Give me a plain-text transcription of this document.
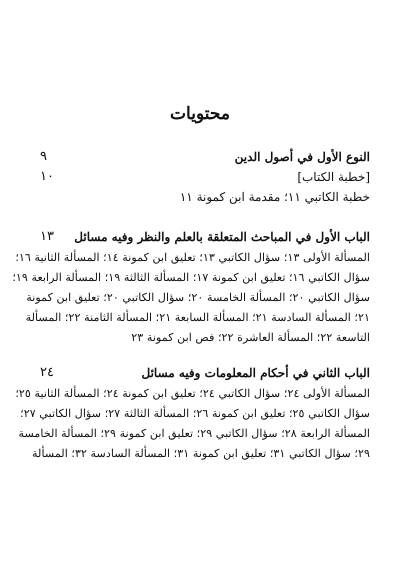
محتويات
النوع الأول في أصول الدين
٩
[خطبة الكتاب]
١٠
خطبة الكاتبي ١١؛ مقدمة ابن كمونة ١١
الباب الأول في المباحث المتعلقة بالعلم والنظر وفيه مسائل
١٣
المسألة الأولى ١٣؛ سؤال الكاتبي ١٣؛ تعليق ابن كمونة ١٤؛ المسألة الثانية ١٦؛
سؤال الكاتبي ١٦؛ تعليق ابن كمونة ١٧؛ المسألة الثالثة ١٩؛ المسألة الرابعة ١٩؛
سؤال الكاتبي ٢٠؛ المسألة الخامسة ٢٠؛ سؤال الكاتبي ٢٠؛ تعليق ابن كمونة
٢١؛ المسألة السادسة ٢١؛ المسألة السابعة ٢١؛ المسألة الثامنة ٢٢؛ المسألة
التاسعة ٢٢؛ المسألة العاشرة ٢٢؛ فص ابن كمونة ٢٣
الباب الثاني في أحكام المعلومات وفيه مسائل
٢٤
المسألة الأولى ٢٤؛ سؤال الكاتبي ٢٤؛ تعليق ابن كمونة ٢٤؛ المسألة الثانية ٢٥؛
سؤال الكاتبي ٢٥؛ تعليق ابن كمونة ٢٦؛ المسألة الثالثة ٢٧؛ سؤال الكاتبي ٢٧؛
المسألة الرابعة ٢٨؛ سؤال الكاتبي ٢٩؛ تعليق ابن كمونة ٢٩؛ المسألة الخامسة
٢٩؛ سؤال الكاتبي ٣١؛ تعليق ابن كمونة ٣١؛ المسألة السادسة ٣٢؛ المسألة
